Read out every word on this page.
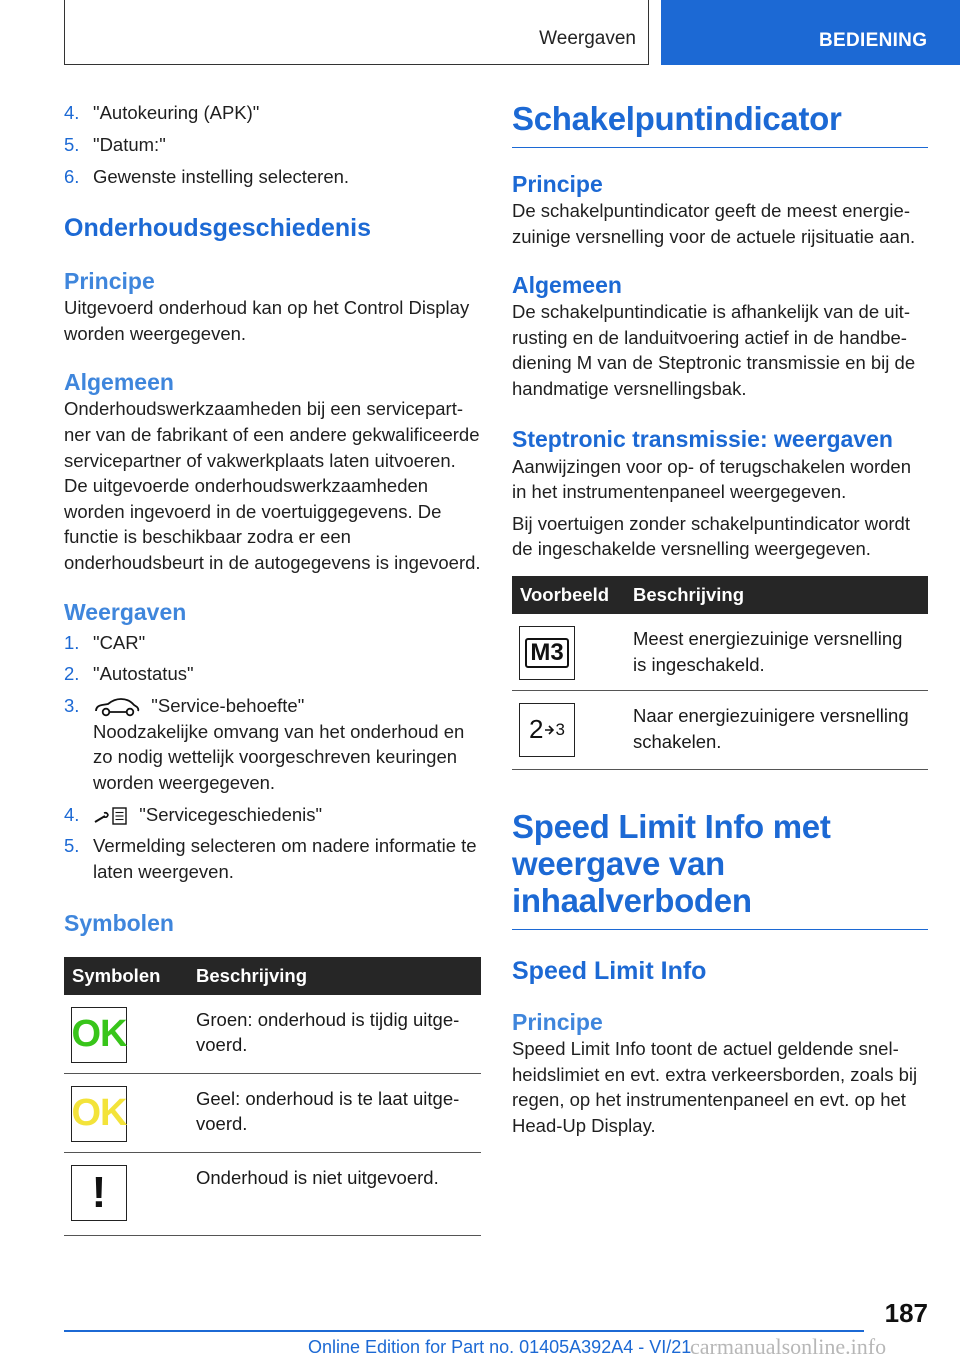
Weergaven	BEDIENING
4. "Autokeuring (APK)"
5. "Datum:"
6. Gewenste instelling selecteren.
Onderhoudsgeschiedenis
Principe

Uitgevoerd onderhoud kan op het Control Display worden weergegeven.

Algemeen

Onderhoudswerkzaamheden bij een servicepartner van de fabrikant of een andere gekwalificeerde servicepartner of vakwerkplaats laten uitvoeren. De uitgevoerde onderhoudswerkzaamheden worden ingevoerd in de voertuiggegevens. De functie is beschikbaar zodra er een onderhoudsbeurt in de autogegevens is ingevoerd.

Weergaven
1. "CAR"
2. "Autostatus"
3.	"Service-behoefte"
Noodzakelijke omvang van het onderhoud en zo nodig wettelijk voorgeschreven keuringen worden weergegeven.
4.	"Servicegeschiedenis"
5. Vermelding selecteren om nadere informatie te laten weergeven.
Symbolen
Symbolen	Beschrijving

OK	Groen: onderhoud is tijdig uitgevoerd.

OK	Geel: onderhoud is te laat uitgevoerd.

!	Onderhoud is niet uitgevoerd.
Schakelpuntindicator
Principe

De schakelpuntindicator geeft de meest energiezuinige versnelling voor de actuele rijsituatie aan.

Algemeen

De schakelpuntindicatie is afhankelijk van de uitrusting en de landuitvoering actief in de handbediening M van de Steptronic transmissie en bij de handmatige versnellingsbak.

Steptronic transmissie: weergaven

Aanwijzingen voor op- of terugschakelen worden in het instrumentenpaneel weergegeven.

Bij voertuigen zonder schakelpuntindicator wordt de ingeschakelde versnelling weergegeven.

Voorbeeld	Beschrijving

M3	Meest energiezuinige versnelling is ingeschakeld.

2 3	Naar energiezuinigere versnelling schakelen.
Speed Limit Info met weergave van inhaalverboden
Speed Limit Info
Principe

Speed Limit Info toont de actuel geldende snelheidslimiet en evt. extra verkeersborden, zoals bij regen, op het instrumentenpaneel en evt. op het Head-Up Display.

187
Online Edition for Part no. 01405A392A4 - VI/21
carmanualsonline.info
